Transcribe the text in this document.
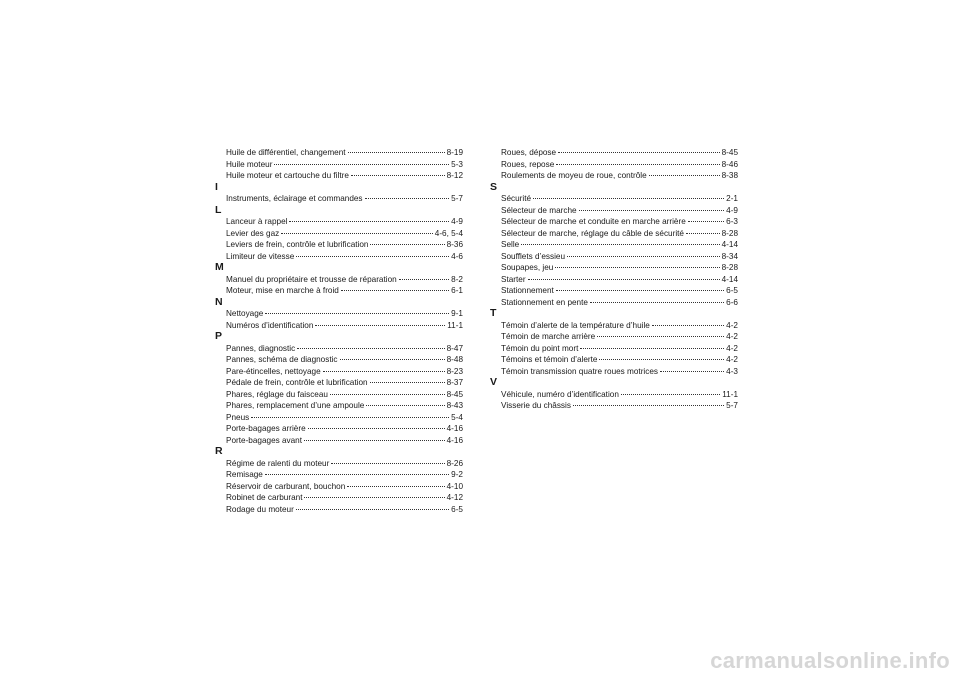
Huile de différentiel, changement	8-19
Huile moteur	5-3
Huile moteur et cartouche du filtre	8-12
I
Instruments, éclairage et commandes	5-7
L
Lanceur à rappel	4-9
Levier des gaz	4-6, 5-4
Leviers de frein, contrôle et lubrification	8-36
Limiteur de vitesse	4-6
M
Manuel du propriétaire et trousse de réparation	8-2
Moteur, mise en marche à froid	6-1
N
Nettoyage	9-1
Numéros d’identification	11-1
P
Pannes, diagnostic	8-47
Pannes, schéma de diagnostic	8-48
Pare-étincelles, nettoyage	8-23
Pédale de frein, contrôle et lubrification	8-37
Phares, réglage du faisceau	8-45
Phares, remplacement d’une ampoule	8-43
Pneus	5-4
Porte-bagages arrière	4-16
Porte-bagages avant	4-16
R
Régime de ralenti du moteur	8-26
Remisage	9-2
Réservoir de carburant, bouchon	4-10
Robinet de carburant	4-12
Rodage du moteur	6-5
Roues, dépose	8-45
Roues, repose	8-46
Roulements de moyeu de roue, contrôle	8-38
S
Sécurité	2-1
Sélecteur de marche	4-9
Sélecteur de marche et conduite en marche arrière	6-3
Sélecteur de marche, réglage du câble de sécurité	8-28
Selle	4-14
Soufflets d’essieu	8-34
Soupapes, jeu	8-28
Starter	4-14
Stationnement	6-5
Stationnement en pente	6-6
T
Témoin d’alerte de la température d’huile	4-2
Témoin de marche arrière	4-2
Témoin du point mort	4-2
Témoins et témoin d’alerte	4-2
Témoin transmission quatre roues motrices	4-3
V
Véhicule, numéro d’identification	11-1
Visserie du châssis	5-7
carmanualsonline.info
